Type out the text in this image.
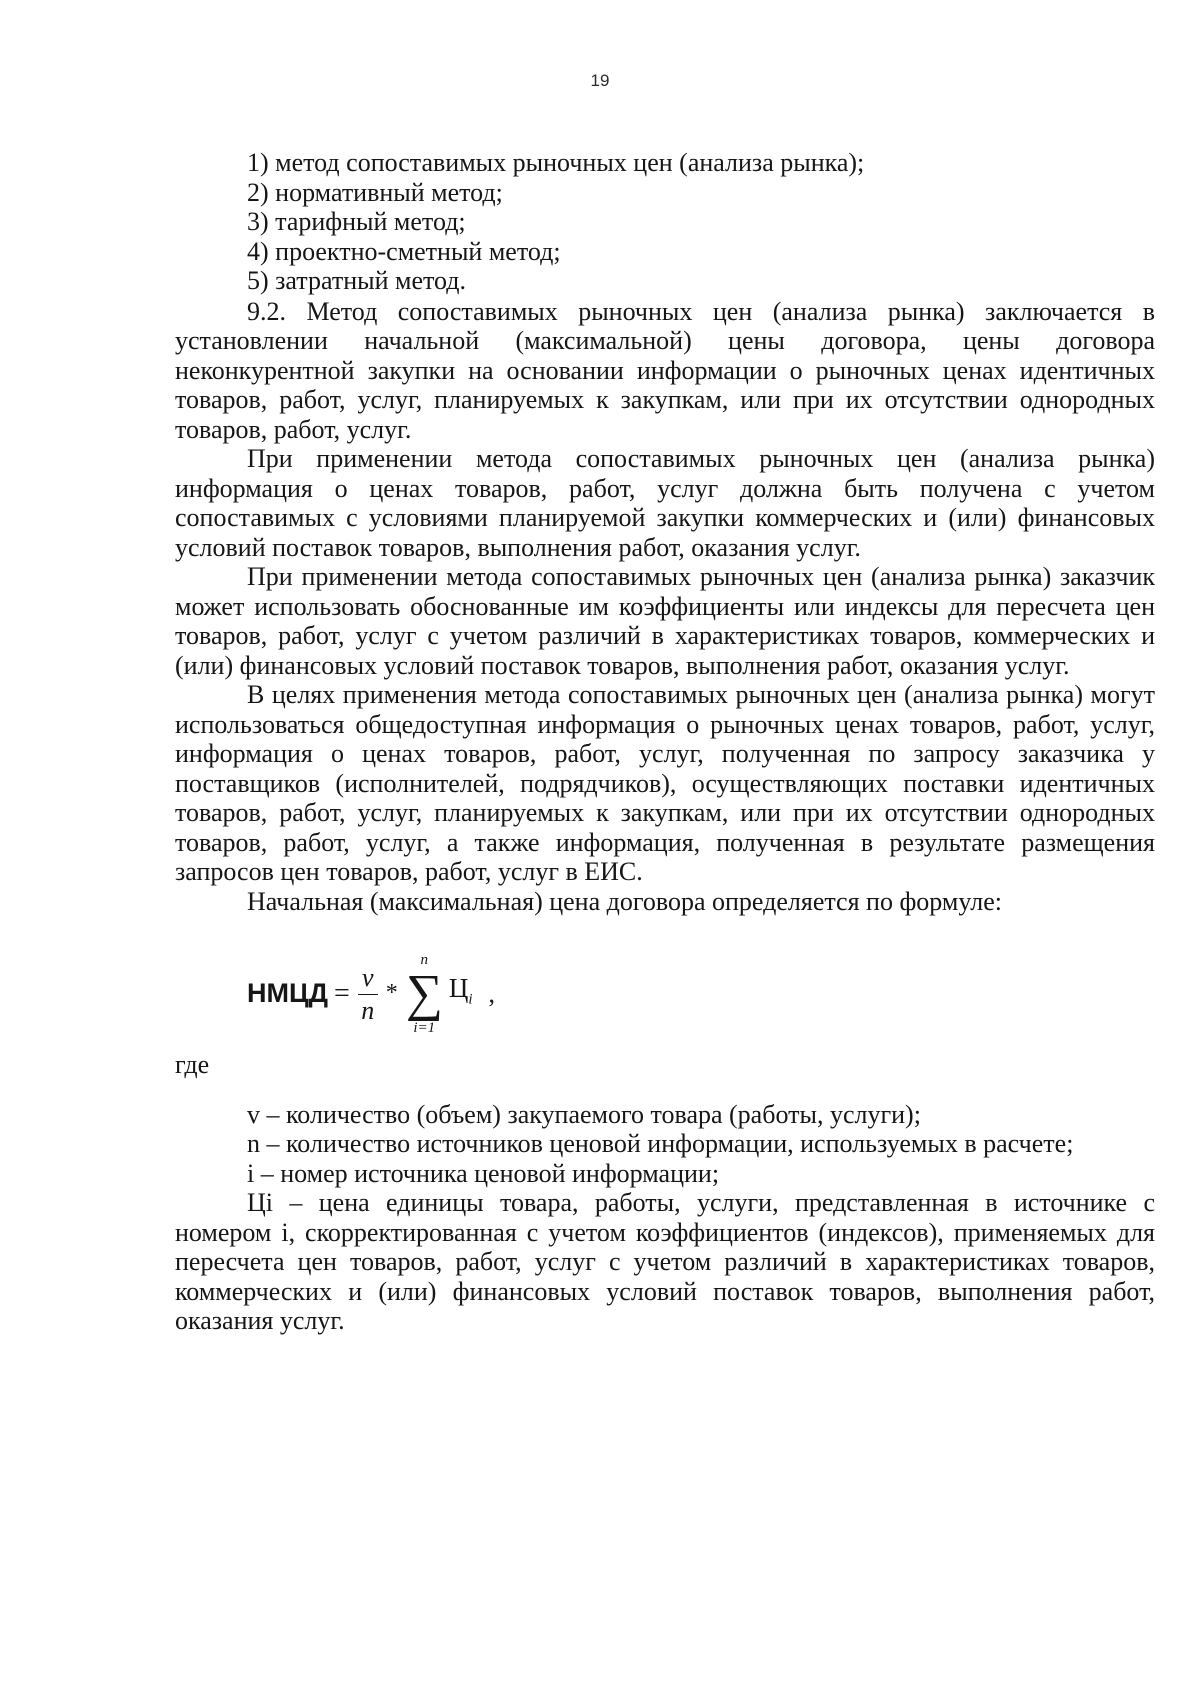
19
1) метод сопоставимых рыночных цен (анализа рынка);
2) нормативный метод;
3) тарифный метод;
4) проектно-сметный метод;
5) затратный метод.

9.2. Метод сопоставимых рыночных цен (анализа рынка) заключается в установлении начальной (максимальной) цены договора, цены договора неконкурентной закупки на основании информации о рыночных ценах идентичных товаров, работ, услуг, планируемых к закупкам, или при их отсутствии однородных товаров, работ, услуг.

При применении метода сопоставимых рыночных цен (анализа рынка) информация о ценах товаров, работ, услуг должна быть получена с учетом сопоставимых с условиями планируемой закупки коммерческих и (или) финансовых условий поставок товаров, выполнения работ, оказания услуг.

При применении метода сопоставимых рыночных цен (анализа рынка) заказчик может использовать обоснованные им коэффициенты или индексы для пересчета цен товаров, работ, услуг с учетом различий в характеристиках товаров, коммерческих и (или) финансовых условий поставок товаров, выполнения работ, оказания услуг.

В целях применения метода сопоставимых рыночных цен (анализа рынка) могут использоваться общедоступная информация о рыночных ценах товаров, работ, услуг, информация о ценах товаров, работ, услуг, полученная по запросу заказчика у поставщиков (исполнителей, подрядчиков), осуществляющих поставки идентичных товаров, работ, услуг, планируемых к закупкам, или при их отсутствии однородных товаров, работ, услуг, а также информация, полученная в результате размещения запросов цен товаров, работ, услуг в ЕИС.

Начальная (максимальная) цена договора определяется по формуле:

НМЦД = $\frac{v}{n}$ *
n
∑
i=1
$Ц_i$ ,

где

v – количество (объем) закупаемого товара (работы, услуги);

n – количество источников ценовой информации, используемых в расчете;

i – номер источника ценовой информации;

Цi – цена единицы товара, работы, услуги, представленная в источнике с номером i, скорректированная с учетом коэффициентов (индексов), применяемых для пересчета цен товаров, работ, услуг с учетом различий в характеристиках товаров, коммерческих и (или) финансовых условий поставок товаров, выполнения работ, оказания услуг.
